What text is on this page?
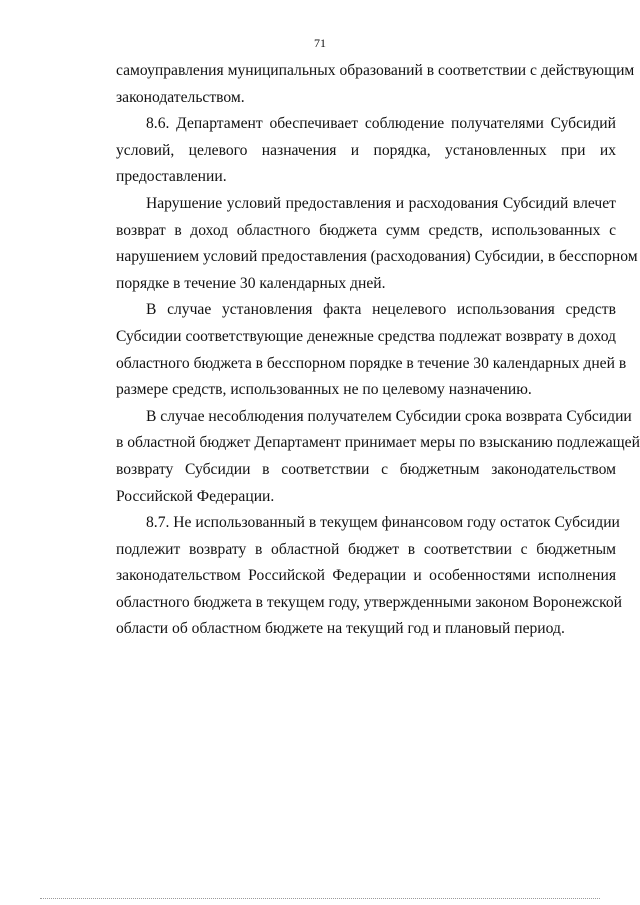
71

самоуправления муниципальных образований в соответствии с действующим
законодательством.

8.6. Департамент обеспечивает соблюдение получателями Субсидий
условий, целевого назначения и порядка, установленных при их
предоставлении.

Нарушение условий предоставления и расходования Субсидий влечет
возврат в доход областного бюджета сумм средств, использованных с
нарушением условий предоставления (расходования) Субсидии, в бесспорном
порядке в течение 30 календарных дней.

В случае установления факта нецелевого использования средств
Субсидии соответствующие денежные средства подлежат возврату в доход
областного бюджета в бесспорном порядке в течение 30 календарных дней в
размере средств, использованных не по целевому назначению.

В случае несоблюдения получателем Субсидии срока возврата Субсидии
в областной бюджет Департамент принимает меры по взысканию подлежащей
возврату Субсидии в соответствии с бюджетным законодательством
Российской Федерации.

8.7. Не использованный в текущем финансовом году остаток Субсидии
подлежит возврату в областной бюджет в соответствии с бюджетным
законодательством Российской Федерации и особенностями исполнения
областного бюджета в текущем году, утвержденными законом Воронежской
области об областном бюджете на текущий год и плановый период.
